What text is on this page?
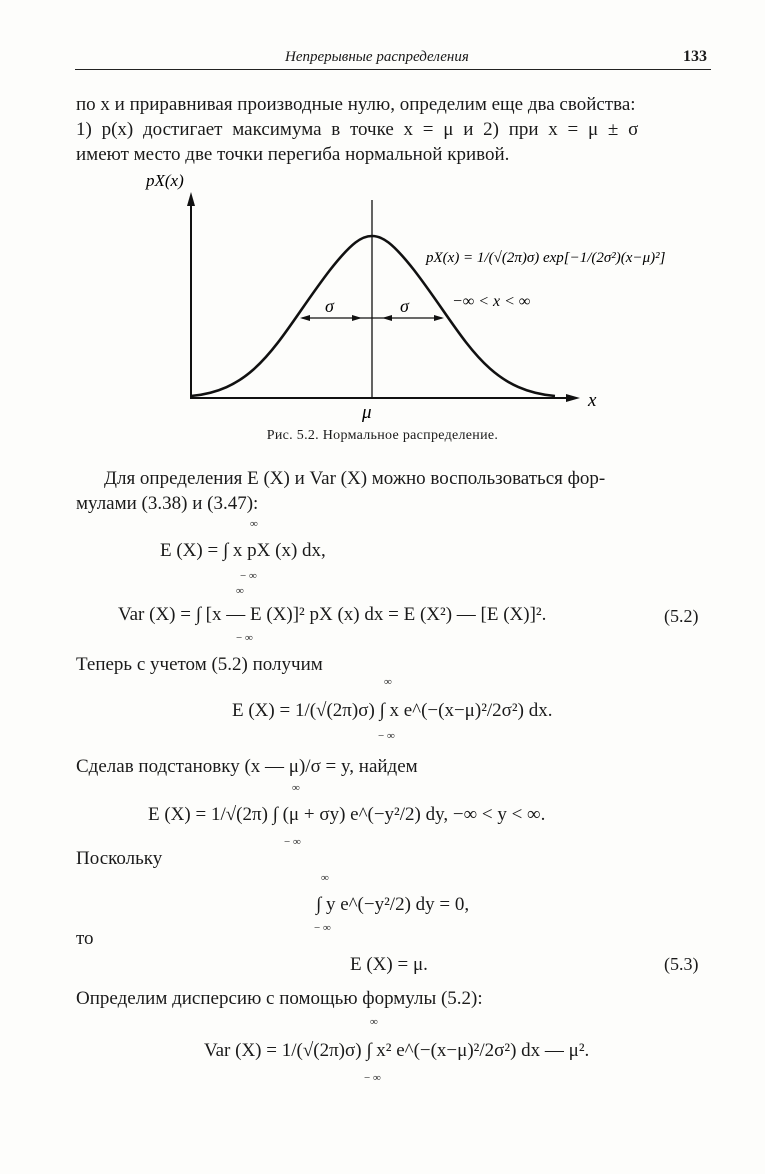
Непрерывные распределения	133
по x и приравнивая производные нулю, определим еще два свойства:
1) p(x) достигает максимума в точке x = μ и 2) при x = μ ± σ
имеют место две точки перегиба нормальной кривой.
σ	σ
pX(x)
x
μ
pX(x) = 1/(√(2π)σ) exp[−1/(2σ²)(x−μ)²]
−∞ < x < ∞
Рис. 5.2. Нормальное распределение.
Для определения E (X) и Var (X) можно воспользоваться фор-
мулами (3.38) и (3.47):
∞
E (X) = ∫ x pX (x) dx,
− ∞
∞
Var (X) = ∫ [x — E (X)]² pX (x) dx = E (X²) — [E (X)]².	(5.2)
− ∞
Теперь с учетом (5.2) получим
∞
E (X) = 1/(√(2π)σ) ∫ x e^(−(x−μ)²/2σ²) dx.
− ∞
Сделав подстановку (x — μ)/σ = y, найдем
∞
E (X) = 1/√(2π) ∫ (μ + σy) e^(−y²/2) dy, −∞ < y < ∞.
− ∞
Поскольку
∞
∫ y e^(−y²/2) dy = 0,
− ∞
то
E (X) = μ.	(5.3)
Определим дисперсию с помощью формулы (5.2):
∞
Var (X) = 1/(√(2π)σ) ∫ x² e^(−(x−μ)²/2σ²) dx — μ².
− ∞
